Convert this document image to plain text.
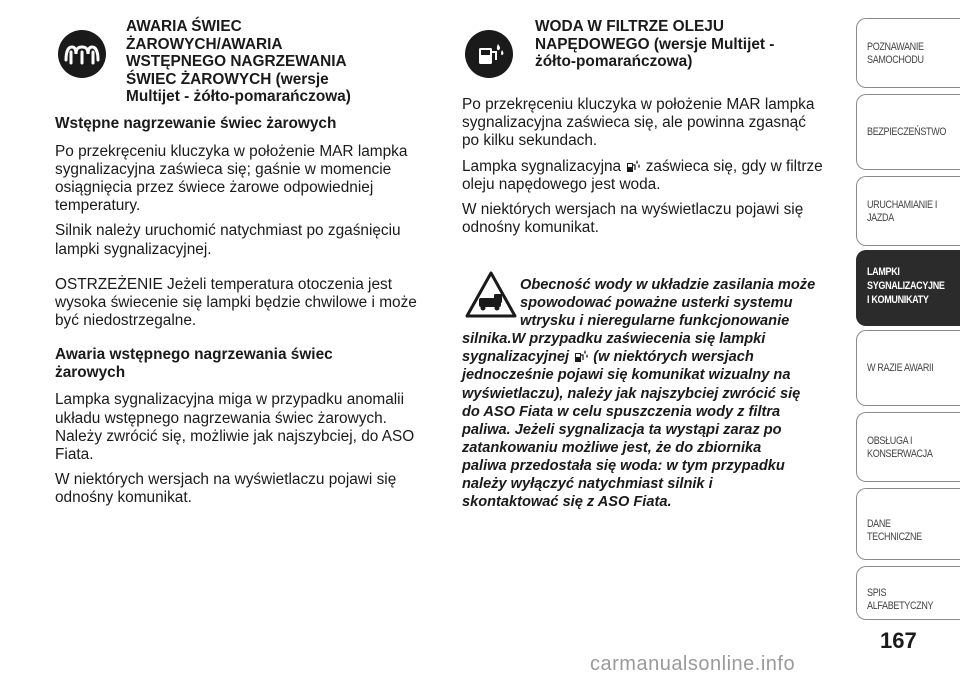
AWARIA ŚWIEC
ŻAROWYCH/AWARIA
WSTĘPNEGO NAGRZEWANIA
ŚWIEC ŻAROWYCH (wersje
Multijet - żółto-pomarańczowa)
Wstępne nagrzewanie świec żarowych
Po przekręceniu kluczyka w położenie MAR lampka
sygnalizacyjna zaświeca się; gaśnie w momencie
osiągnięcia przez świece żarowe odpowiedniej
temperatury.
Silnik należy uruchomić natychmiast po zgaśnięciu
lampki sygnalizacyjnej.
OSTRZEŻENIE Jeżeli temperatura otoczenia jest
wysoka świecenie się lampki będzie chwilowe i może
być niedostrzegalne.
Awaria wstępnego nagrzewania świec
żarowych
Lampka sygnalizacyjna miga w przypadku anomalii
układu wstępnego nagrzewania świec żarowych.
Należy zwrócić się, możliwie jak najszybciej, do ASO
Fiata.
W niektórych wersjach na wyświetlaczu pojawi się
odnośny komunikat.
WODA W FILTRZE OLEJU
NAPĘDOWEGO (wersje Multijet -
żółto-pomarańczowa)
Po przekręceniu kluczyka w położenie MAR lampka
sygnalizacyjna zaświeca się, ale powinna zgasnąć
po kilku sekundach.
Lampka sygnalizacyjna zaświeca się, gdy w filtrze
oleju napędowego jest woda.
W niektórych wersjach na wyświetlaczu pojawi się
odnośny komunikat.
Obecność wody w układzie zasilania może
spowodować poważne usterki systemu
wtrysku i nieregularne funkcjonowanie
silnika.W przypadku zaświecenia się lampki
sygnalizacyjnej (w niektórych wersjach
jednocześnie pojawi się komunikat wizualny na
wyświetlaczu), należy jak najszybciej zwrócić się
do ASO Fiata w celu spuszczenia wody z filtra
paliwa. Jeżeli sygnalizacja ta wystąpi zaraz po
zatankowaniu możliwe jest, że do zbiornika
paliwa przedostała się woda: w tym przypadku
należy wyłączyć natychmiast silnik i
skontaktować się z ASO Fiata.
POZNAWANIE
SAMOCHODU
BEZPIECZEŃSTWO
URUCHAMIANIE I
JAZDA
LAMPKI
SYGNALIZACYJNE
I KOMUNIKATY
W RAZIE AWARII
OBSŁUGA I
KONSERWACJA
DANE TECHNICZNE
SPIS ALFABETYCZNY
167
carmanualsonline.info
